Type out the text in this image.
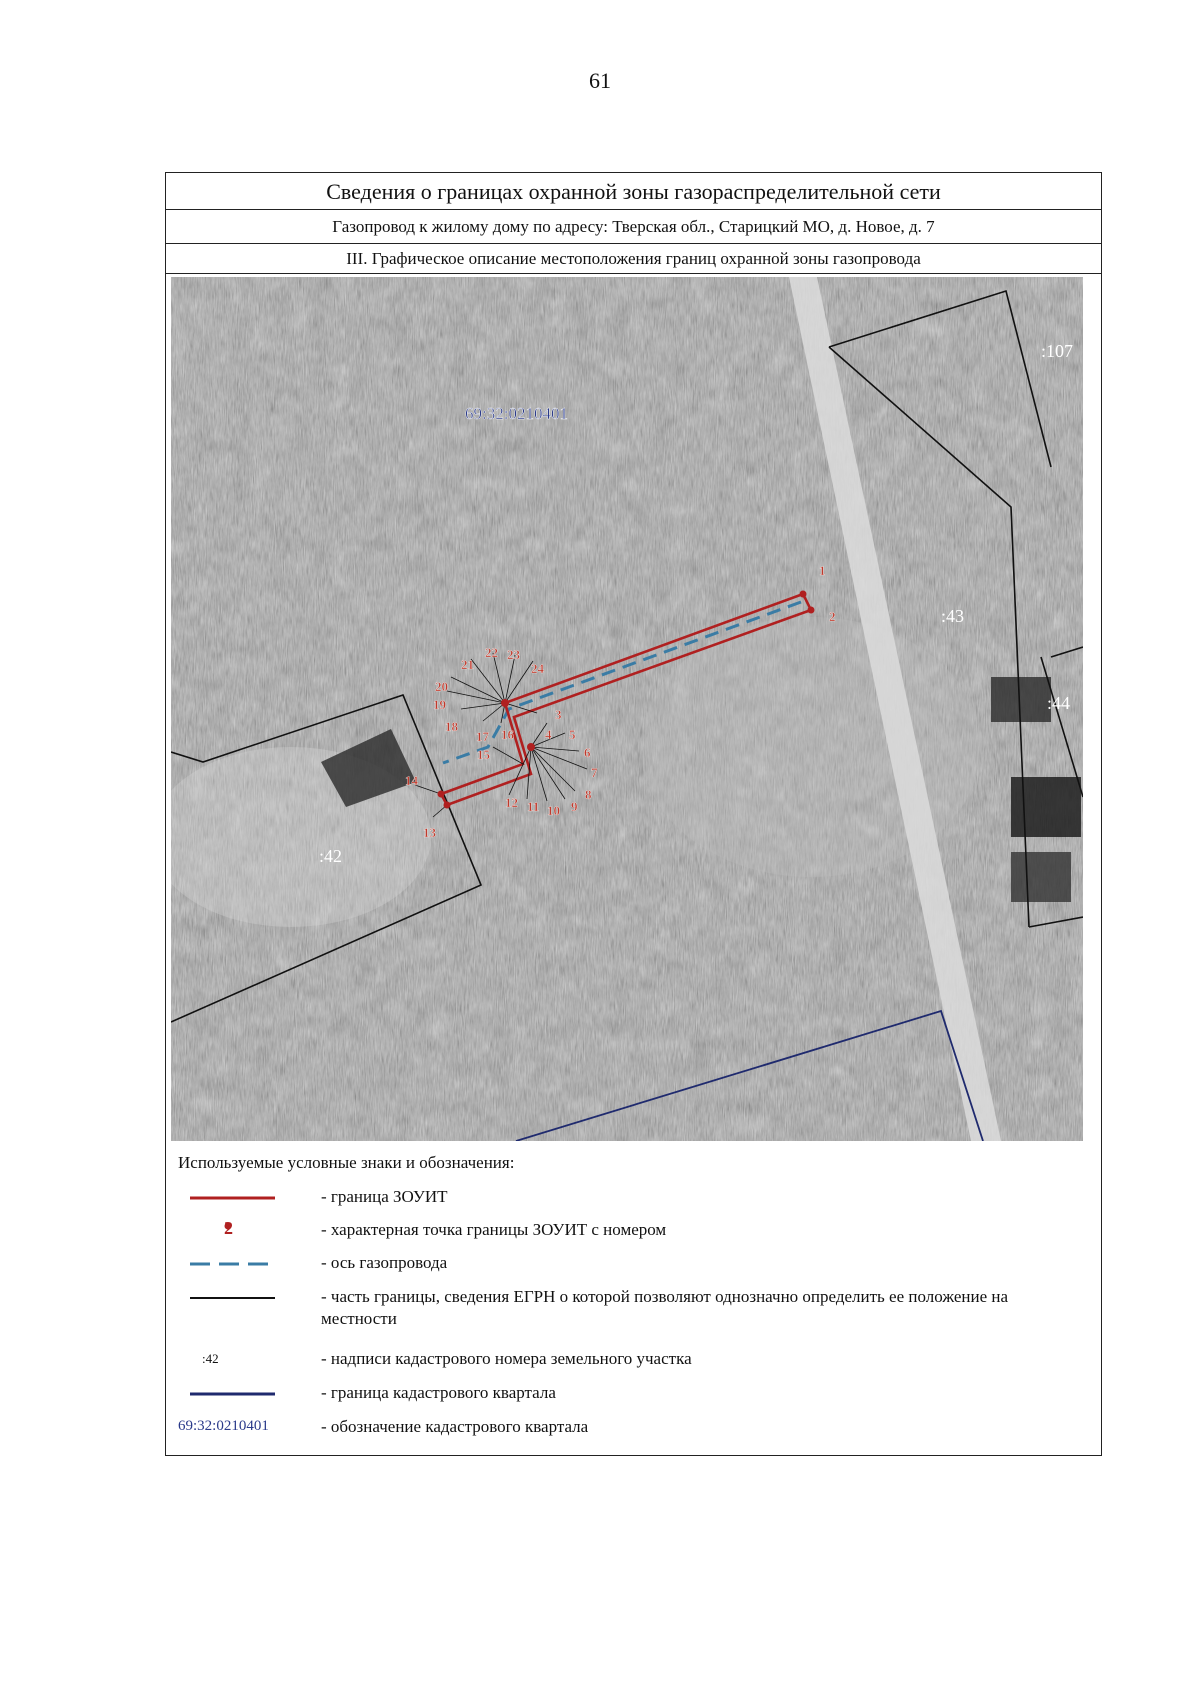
61
Сведения о границах охранной зоны газораспределительной сети
Газопровод к жилому дому по адресу: Тверская обл., Старицкий МО, д. Новое, д. 7
III. Графическое описание местоположения границ охранной зоны газопровода
69:32:0210401
:107
:43
:44
:42
1
2
3
4 5
6
7
8
9
10
11
12
13
14
15
16
17
18
19
20
21
22 23
24
Используемые условные знаки и обозначения:
- граница ЗОУИТ
2	- характерная точка границы ЗОУИТ с номером
- ось газопровода
- часть границы, сведения ЕГРН о которой позволяют однозначно определить ее положение на местности
:42	- надписи кадастрового номера земельного участка
- граница кадастрового квартала
69:32:0210401	- обозначение кадастрового квартала
